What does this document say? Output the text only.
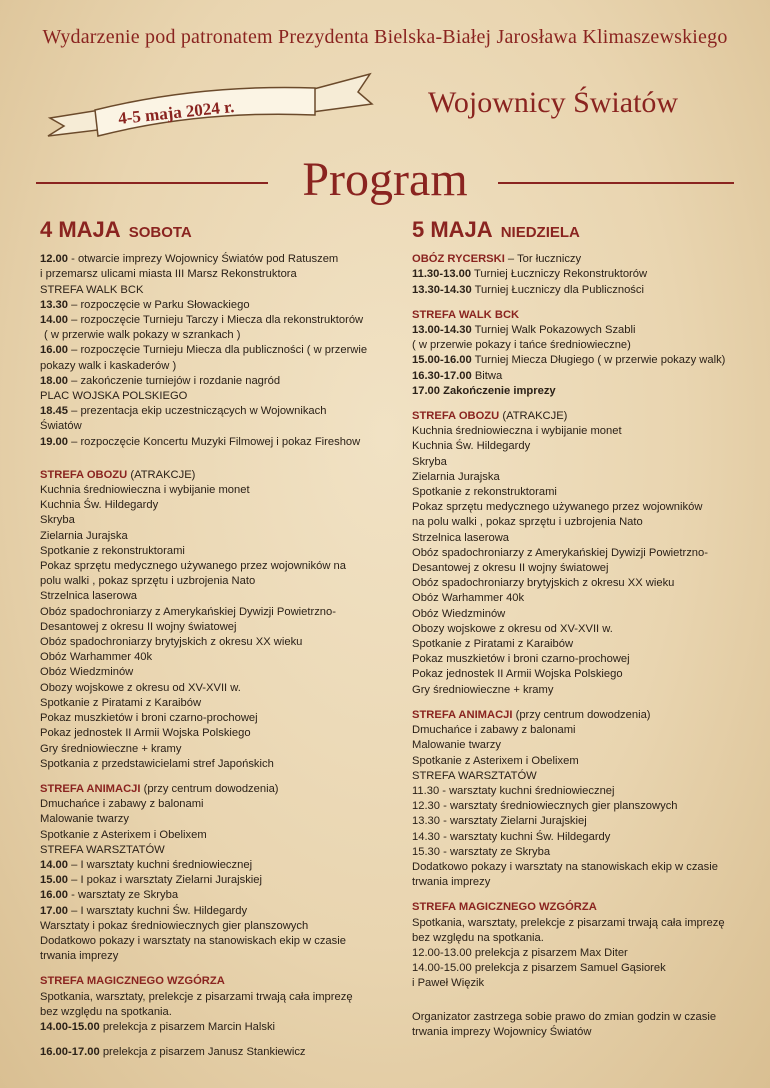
Wydarzenie pod patronatem Prezydenta Bielska-Białej Jarosława Klimaszewskiego
4-5 maja 2024 r.	Wojownicy Światów
Program
4 MAJA SOBOTA
12.00 - otwarcie imprezy Wojownicy Światów pod Ratuszem
i przemarsz ulicami miasta III Marsz Rekonstruktora
STREFA WALK BCK
13.30 – rozpoczęcie w Parku Słowackiego
14.00 – rozpoczęcie Turnieju Tarczy i Miecza dla rekonstruktorów
( w przerwie walk pokazy w szrankach )
16.00 – rozpoczęcie Turnieju Miecza dla publiczności ( w przerwie
pokazy walk i kaskaderów )
18.00 – zakończenie turniejów i rozdanie nagród
PLAC WOJSKA POLSKIEGO
18.45 – prezentacja ekip uczestniczących w Wojownikach
Światów
19.00 – rozpoczęcie Koncertu Muzyki Filmowej i pokaz Fireshow
STREFA OBOZU (ATRAKCJE)
Kuchnia średniowieczna i wybijanie monet
Kuchnia Św. Hildegardy
Skryba
Zielarnia Jurajska
Spotkanie z rekonstruktorami
Pokaz sprzętu medycznego używanego przez wojowników na
polu walki , pokaz sprzętu i uzbrojenia Nato
Strzelnica laserowa
Obóz spadochroniarzy z Amerykańskiej Dywizji Powietrzno-
Desantowej z okresu II wojny światowej
Obóz spadochroniarzy brytyjskich z okresu XX wieku
Obóz Warhammer 40k
Obóz Wiedzminów
Obozy wojskowe z okresu od XV-XVII w.
Spotkanie z Piratami z Karaibów
Pokaz muszkietów i broni czarno-prochowej
Pokaz jednostek II Armii Wojska Polskiego
Gry średniowieczne + kramy
Spotkania z przedstawicielami stref Japońskich
STREFA ANIMACJI (przy centrum dowodzenia)
Dmuchańce i zabawy z balonami
Malowanie twarzy
Spotkanie z Asterixem i Obelixem
STREFA WARSZTATÓW
14.00 – I warsztaty kuchni średniowiecznej
15.00 – I pokaz i warsztaty Zielarni Jurajskiej
16.00 - warsztaty ze Skryba
17.00 – I warsztaty kuchni Św. Hildegardy
Warsztaty i pokaz średniowiecznych gier planszowych
Dodatkowo pokazy i warsztaty na stanowiskach ekip w czasie
trwania imprezy
STREFA MAGICZNEGO WZGÓRZA
Spotkania, warsztaty, prelekcje z pisarzami trwają cała imprezę
bez względu na spotkania.
14.00-15.00 prelekcja z pisarzem Marcin Halski
16.00-17.00 prelekcja z pisarzem Janusz Stankiewicz
5 MAJA NIEDZIELA
OBÓZ RYCERSKI – Tor łuczniczy
11.30-13.00 Turniej Łuczniczy Rekonstruktorów
13.30-14.30 Turniej Łuczniczy dla Publiczności
STREFA WALK BCK
13.00-14.30 Turniej Walk Pokazowych Szabli
( w przerwie pokazy i tańce średniowieczne)
15.00-16.00 Turniej Miecza Długiego ( w przerwie pokazy walk)
16.30-17.00 Bitwa
17.00 Zakończenie imprezy
STREFA OBOZU (ATRAKCJE)
Kuchnia średniowieczna i wybijanie monet
Kuchnia Św. Hildegardy
Skryba
Zielarnia Jurajska
Spotkanie z rekonstruktorami
Pokaz sprzętu medycznego używanego przez wojowników
na polu walki , pokaz sprzętu i uzbrojenia Nato
Strzelnica laserowa
Obóz spadochroniarzy z Amerykańskiej Dywizji Powietrzno-
Desantowej z okresu II wojny światowej
Obóz spadochroniarzy brytyjskich z okresu XX wieku
Obóz Warhammer 40k
Obóz Wiedzminów
Obozy wojskowe z okresu od XV-XVII w.
Spotkanie z Piratami z Karaibów
Pokaz muszkietów i broni czarno-prochowej
Pokaz jednostek II Armii Wojska Polskiego
Gry średniowieczne + kramy
STREFA ANIMACJI (przy centrum dowodzenia)
Dmuchańce i zabawy z balonami
Malowanie twarzy
Spotkanie z Asterixem i Obelixem
STREFA WARSZTATÓW
11.30 - warsztaty kuchni średniowiecznej
12.30 - warsztaty średniowiecznych gier planszowych
13.30 - warsztaty Zielarni Jurajskiej
14.30 - warsztaty kuchni Św. Hildegardy
15.30 - warsztaty ze Skryba
Dodatkowo pokazy i warsztaty na stanowiskach ekip w czasie
trwania imprezy
STREFA MAGICZNEGO WZGÓRZA
Spotkania, warsztaty, prelekcje z pisarzami trwają cała imprezę
bez względu na spotkania.
12.00-13.00 prelekcja z pisarzem Max Diter
14.00-15.00 prelekcja z pisarzem Samuel Gąsiorek
i Paweł Więzik
Organizator zastrzega sobie prawo do zmian godzin w czasie
trwania imprezy Wojownicy Światów
